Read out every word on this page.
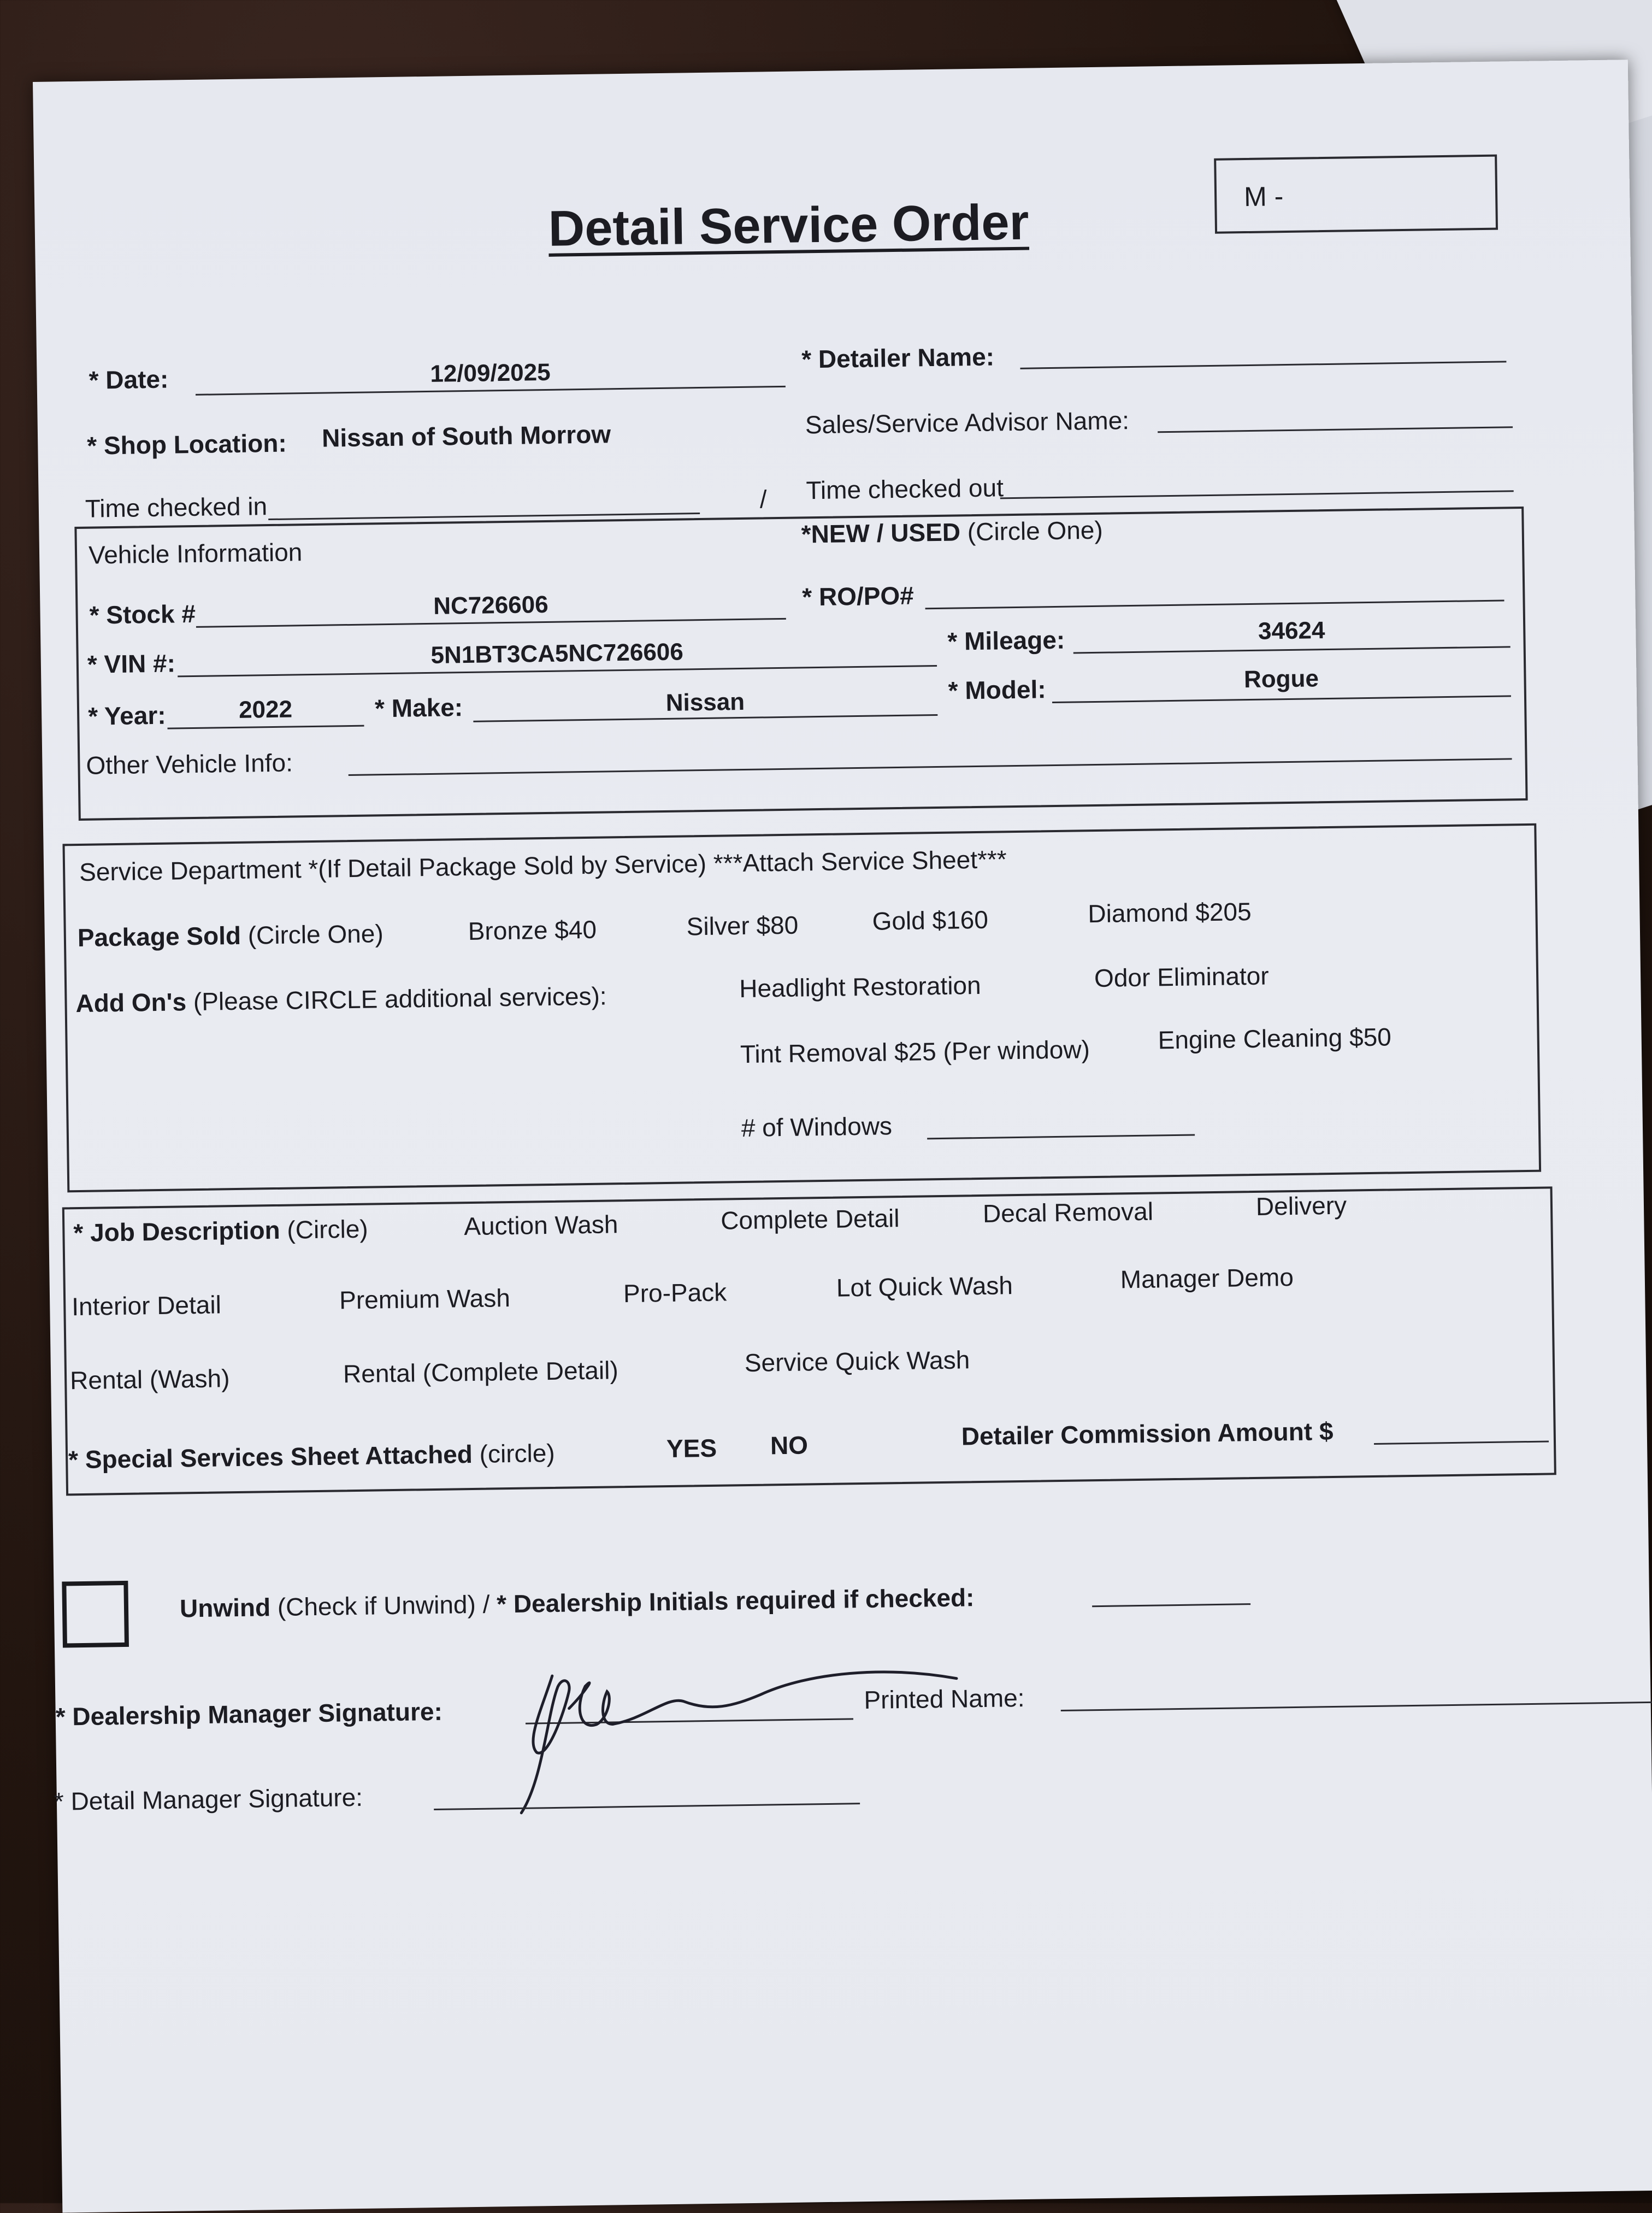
Detail Service Order	M -
* Date:	12/09/2025	* Detailer Name:
* Shop Location: Nissan of South Morrow	Sales/Service Advisor Name:
Time checked in	/ Time checked out
Vehicle Information
*NEW / USED (Circle One)
* Stock #	NC726606	* RO/PO#
* VIN #:	5N1BT3CA5NC726606	* Mileage:	34624
* Year:	2022	* Make:	Nissan	* Model:	Rogue
Other Vehicle Info:
Service Department *(If Detail Package Sold by Service) ***Attach Service Sheet***
Package Sold (Circle One)	Bronze $40	Silver $80	Gold $160	Diamond $205
Add On's (Please CIRCLE additional services):	Headlight Restoration	Odor Eliminator
Tint Removal $25 (Per window)	Engine Cleaning $50
# of Windows
* Job Description (Circle)	Auction Wash	Complete Detail	Decal Removal	Delivery
Interior Detail	Premium Wash	Pro-Pack	Lot Quick Wash	Manager Demo
Rental (Wash)	Rental (Complete Detail)	Service Quick Wash
* Special Services Sheet Attached (circle)	YES NO	Detailer Commission Amount $
Unwind (Check if Unwind) / * Dealership Initials required if checked:
* Dealership Manager Signature:	Printed Name:
* Detail Manager Signature:
